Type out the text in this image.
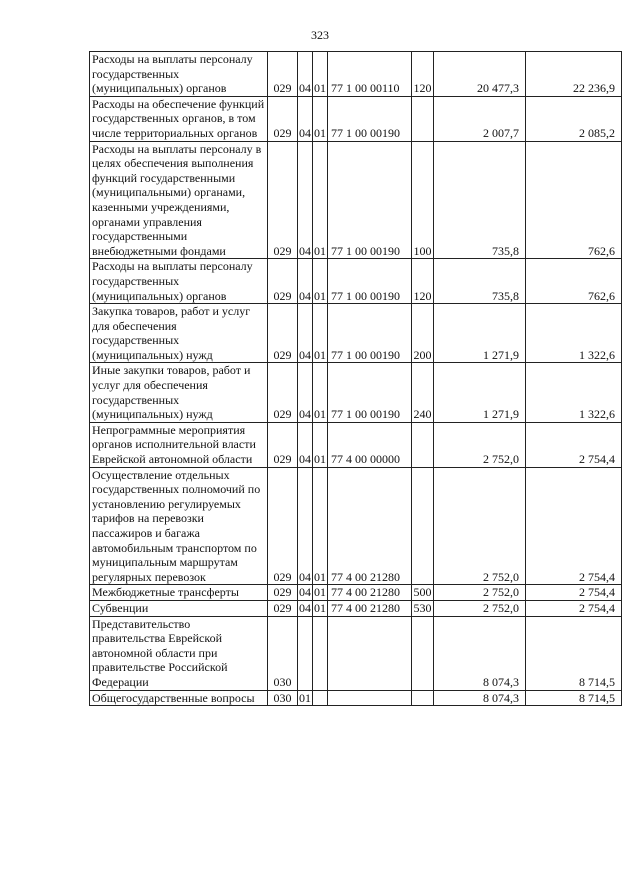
323
Расходы на выплаты персоналу государственных (муниципальных) органов	029	04	01	77 1 00 00110	120	20 477,3	22 236,9
Расходы на обеспечение функций государственных органов, в том числе территориальных органов	029	04	01	77 1 00 00190		2 007,7	2 085,2
Расходы на выплаты персоналу в целях обеспечения выполнения функций государственными (муниципальными) органами, казенными учреждениями, органами управления государственными внебюджетными фондами	029	04	01	77 1 00 00190	100	735,8	762,6
Расходы на выплаты персоналу государственных (муниципальных) органов	029	04	01	77 1 00 00190	120	735,8	762,6
Закупка товаров, работ и услуг для обеспечения государственных (муниципальных) нужд	029	04	01	77 1 00 00190	200	1 271,9	1 322,6
Иные закупки товаров, работ и услуг для обеспечения государственных (муниципальных) нужд	029	04	01	77 1 00 00190	240	1 271,9	1 322,6
Непрограммные мероприятия органов исполнительной власти Еврейской автономной области	029	04	01	77 4 00 00000		2 752,0	2 754,4
Осуществление отдельных государственных полномочий по установлению регулируемых тарифов на перевозки пассажиров и багажа автомобильным транспортом по муниципальным маршрутам регулярных перевозок	029	04	01	77 4 00 21280		2 752,0	2 754,4
Межбюджетные трансферты	029	04	01	77 4 00 21280	500	2 752,0	2 754,4
Субвенции	029	04	01	77 4 00 21280	530	2 752,0	2 754,4
Представительство правительства Еврейской автономной области при правительстве Российской Федерации	030					8 074,3	8 714,5
Общегосударственные вопросы	030	01				8 074,3	8 714,5
